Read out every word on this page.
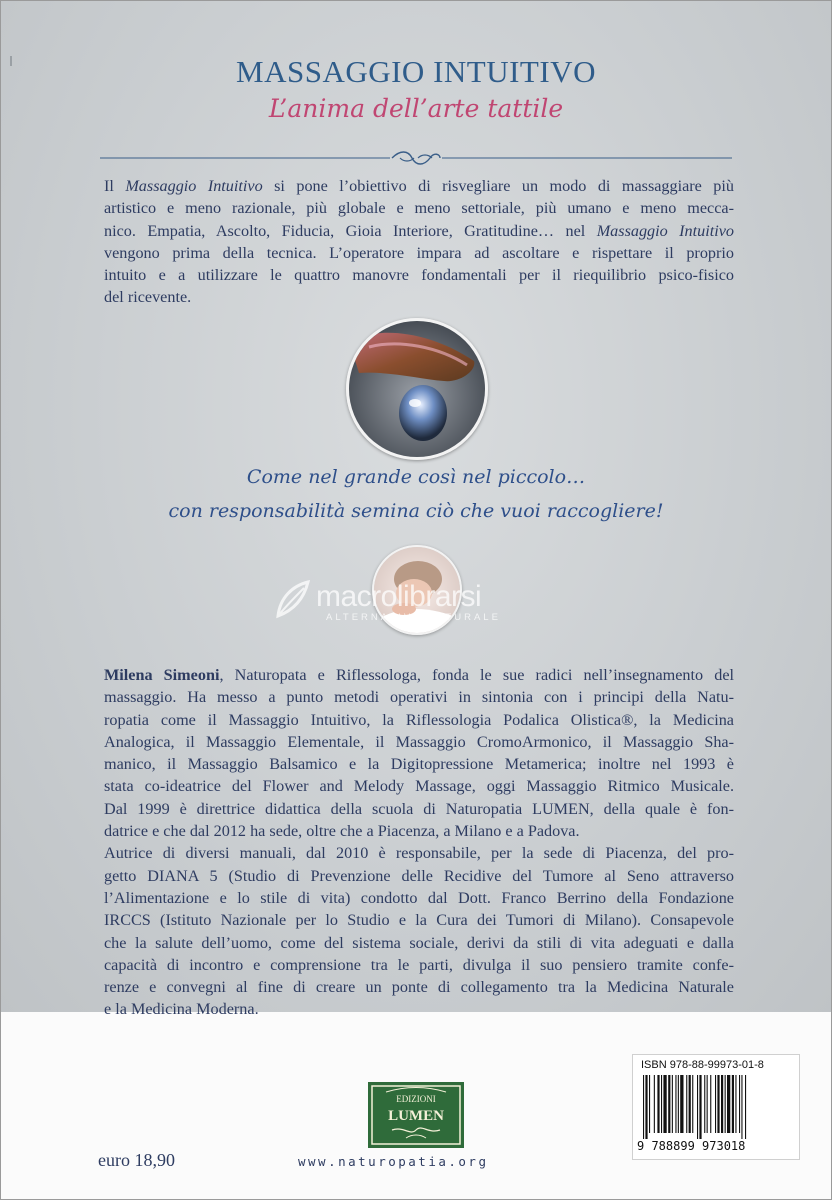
MASSAGGIO INTUITIVO
L’anima dell’arte tattile
Il Massaggio Intuitivo si pone l’obiettivo di risvegliare un modo di massaggiare più
artistico e meno razionale, più globale e meno settoriale, più umano e meno mecca-
nico. Empatia, Ascolto, Fiducia, Gioia Interiore, Gratitudine… nel Massaggio Intuitivo
vengono prima della tecnica. L’operatore impara ad ascoltare e rispettare il proprio
intuito e a utilizzare le quattro manovre fondamentali per il riequilibrio psico-fisico
del ricevente.
Come nel grande così nel piccolo…
con responsabilità semina ciò che vuoi raccogliere!
macrolibrarsi
ALTERNATIVA NATURALE
Milena Simeoni, Naturopata e Riflessologa, fonda le sue radici nell’insegnamento del
massaggio. Ha messo a punto metodi operativi in sintonia con i principi della Natu-
ropatia come il Massaggio Intuitivo, la Riflessologia Podalica Olistica®, la Medicina
Analogica, il Massaggio Elementale, il Massaggio CromoArmonico, il Massaggio Sha-
manico, il Massaggio Balsamico e la Digitopressione Metamerica; inoltre nel 1993 è
stata co-ideatrice del Flower and Melody Massage, oggi Massaggio Ritmico Musicale.
Dal 1999 è direttrice didattica della scuola di Naturopatia LUMEN, della quale è fon-
datrice e che dal 2012 ha sede, oltre che a Piacenza, a Milano e a Padova.
Autrice di diversi manuali, dal 2010 è responsabile, per la sede di Piacenza, del pro-
getto DIANA 5 (Studio di Prevenzione delle Recidive del Tumore al Seno attraverso
l’Alimentazione e lo stile di vita) condotto dal Dott. Franco Berrino della Fondazione
IRCCS (Istituto Nazionale per lo Studio e la Cura dei Tumori di Milano). Consapevole
che la salute dell’uomo, come del sistema sociale, derivi da stili di vita adeguati e dalla
capacità di incontro e comprensione tra le parti, divulga il suo pensiero tramite confe-
renze e convegni al fine di creare un ponte di collegamento tra la Medicina Naturale
e la Medicina Moderna.
EDIZIONI
LUMEN
ISBN 978-88-99973-01-8
9 788899 973018
euro 18,90	www.naturopatia.org
